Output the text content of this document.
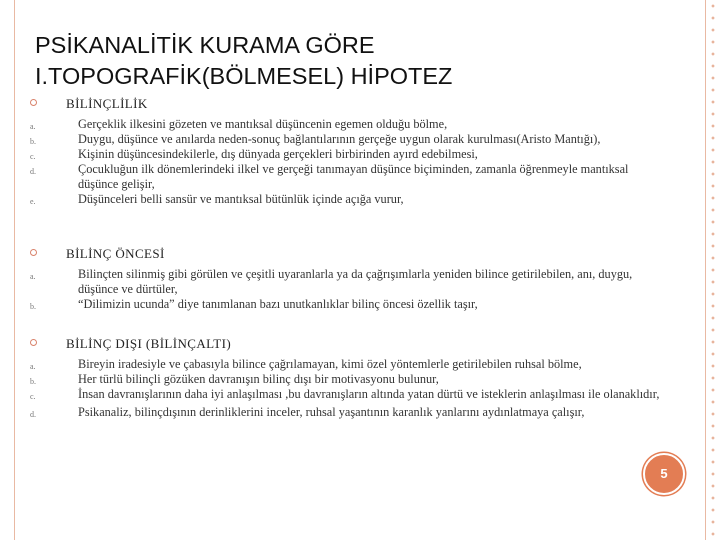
PSİKANALİTİK KURAMA GÖRE
I.TOPOGRAFİK(BÖLMESEL) HİPOTEZ
BİLİNÇLİLİK
a.	Gerçeklik ilkesini gözeten ve mantıksal düşüncenin egemen olduğu bölme,
b.	Duygu, düşünce ve anılarda neden-sonuç bağlantılarının gerçeğe uygun olarak kurulması(Aristo Mantığı),
c.	Kişinin düşüncesindekilerle, dış dünyada gerçekleri birbirinden ayırd edebilmesi,
d.	Çocukluğun ilk dönemlerindeki ilkel ve gerçeği tanımayan düşünce biçiminden, zamanla öğrenmeyle mantıksal düşünce gelişir,
e.	Düşünceleri belli sansür ve mantıksal bütünlük içinde açığa vurur,
BİLİNÇ ÖNCESİ
a.	Bilinçten silinmiş gibi görülen ve çeşitli uyaranlarla ya da çağrışımlarla yeniden bilince getirilebilen, anı, duygu, düşünce ve dürtüler,
b.	“Dilimizin ucunda” diye tanımlanan bazı unutkanlıklar bilinç öncesi özellik taşır,
BİLİNÇ DIŞI (BİLİNÇALTI)
a.	Bireyin iradesiyle ve çabasıyla bilince çağrılamayan, kimi özel yöntemlerle getirilebilen ruhsal bölme,
b.	Her türlü bilinçli gözüken davranışın bilinç dışı bir motivasyonu bulunur,
c.	İnsan davranışlarının daha iyi anlaşılması ,bu davranışların altında yatan dürtü ve isteklerin anlaşılması ile olanaklıdır,
d.	Psikanaliz, bilinçdışının derinliklerini inceler, ruhsal yaşantının karanlık yanlarını aydınlatmaya çalışır,
5
